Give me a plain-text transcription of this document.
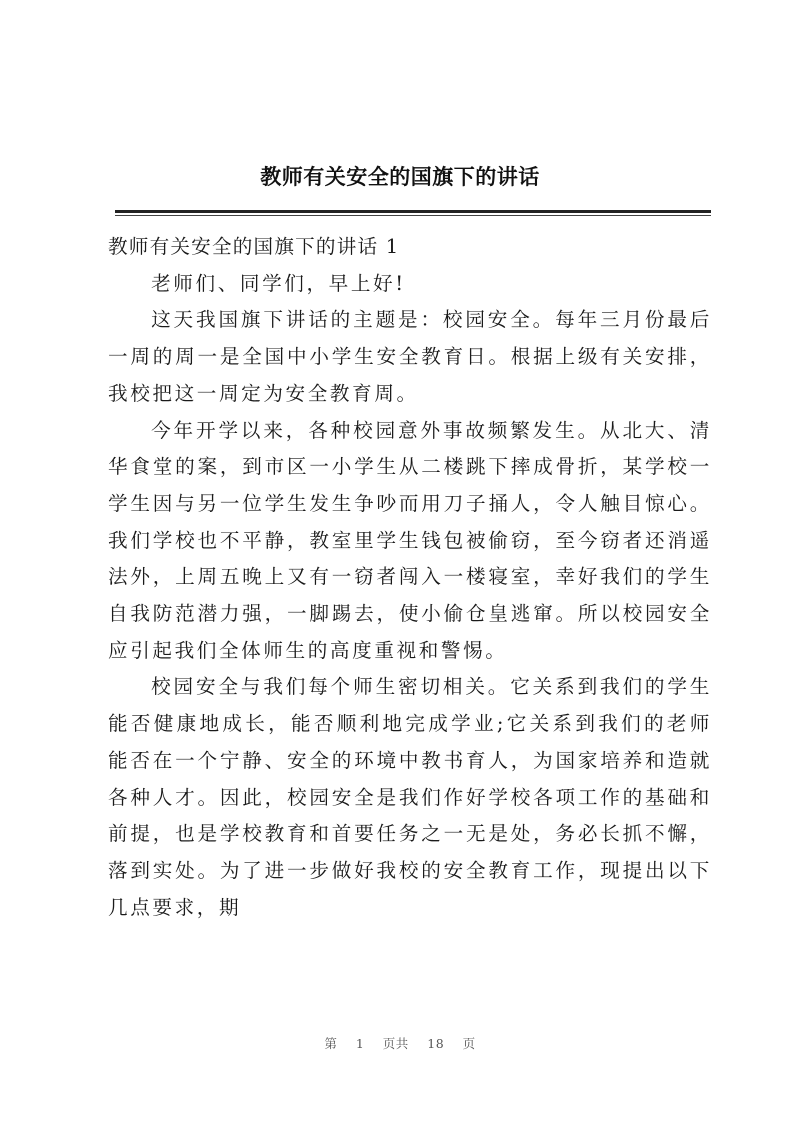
教师有关安全的国旗下的讲话

教师有关安全的国旗下的讲话 1

老师们、同学们，早上好!

这天我国旗下讲话的主题是：校园安全。每年三月份最后一周的周一是全国中小学生安全教育日。根据上级有关安排，我校把这一周定为安全教育周。

今年开学以来，各种校园意外事故频繁发生。从北大、清华食堂的案，到市区一小学生从二楼跳下摔成骨折，某学校一学生因与另一位学生发生争吵而用刀子捅人，令人触目惊心。我们学校也不平静，教室里学生钱包被偷窃，至今窃者还消遥法外，上周五晚上又有一窃者闯入一楼寝室，幸好我们的学生自我防范潜力强，一脚踢去，使小偷仓皇逃窜。所以校园安全应引起我们全体师生的高度重视和警惕。

校园安全与我们每个师生密切相关。它关系到我们的学生能否健康地成长，能否顺利地完成学业;它关系到我们的老师能否在一个宁静、安全的环境中教书育人，为国家培养和造就各种人才。因此，校园安全是我们作好学校各项工作的基础和前提，也是学校教育和首要任务之一无是处，务必长抓不懈，落到实处。为了进一步做好我校的安全教育工作，现提出以下几点要求，期

第 1 页共 18 页
